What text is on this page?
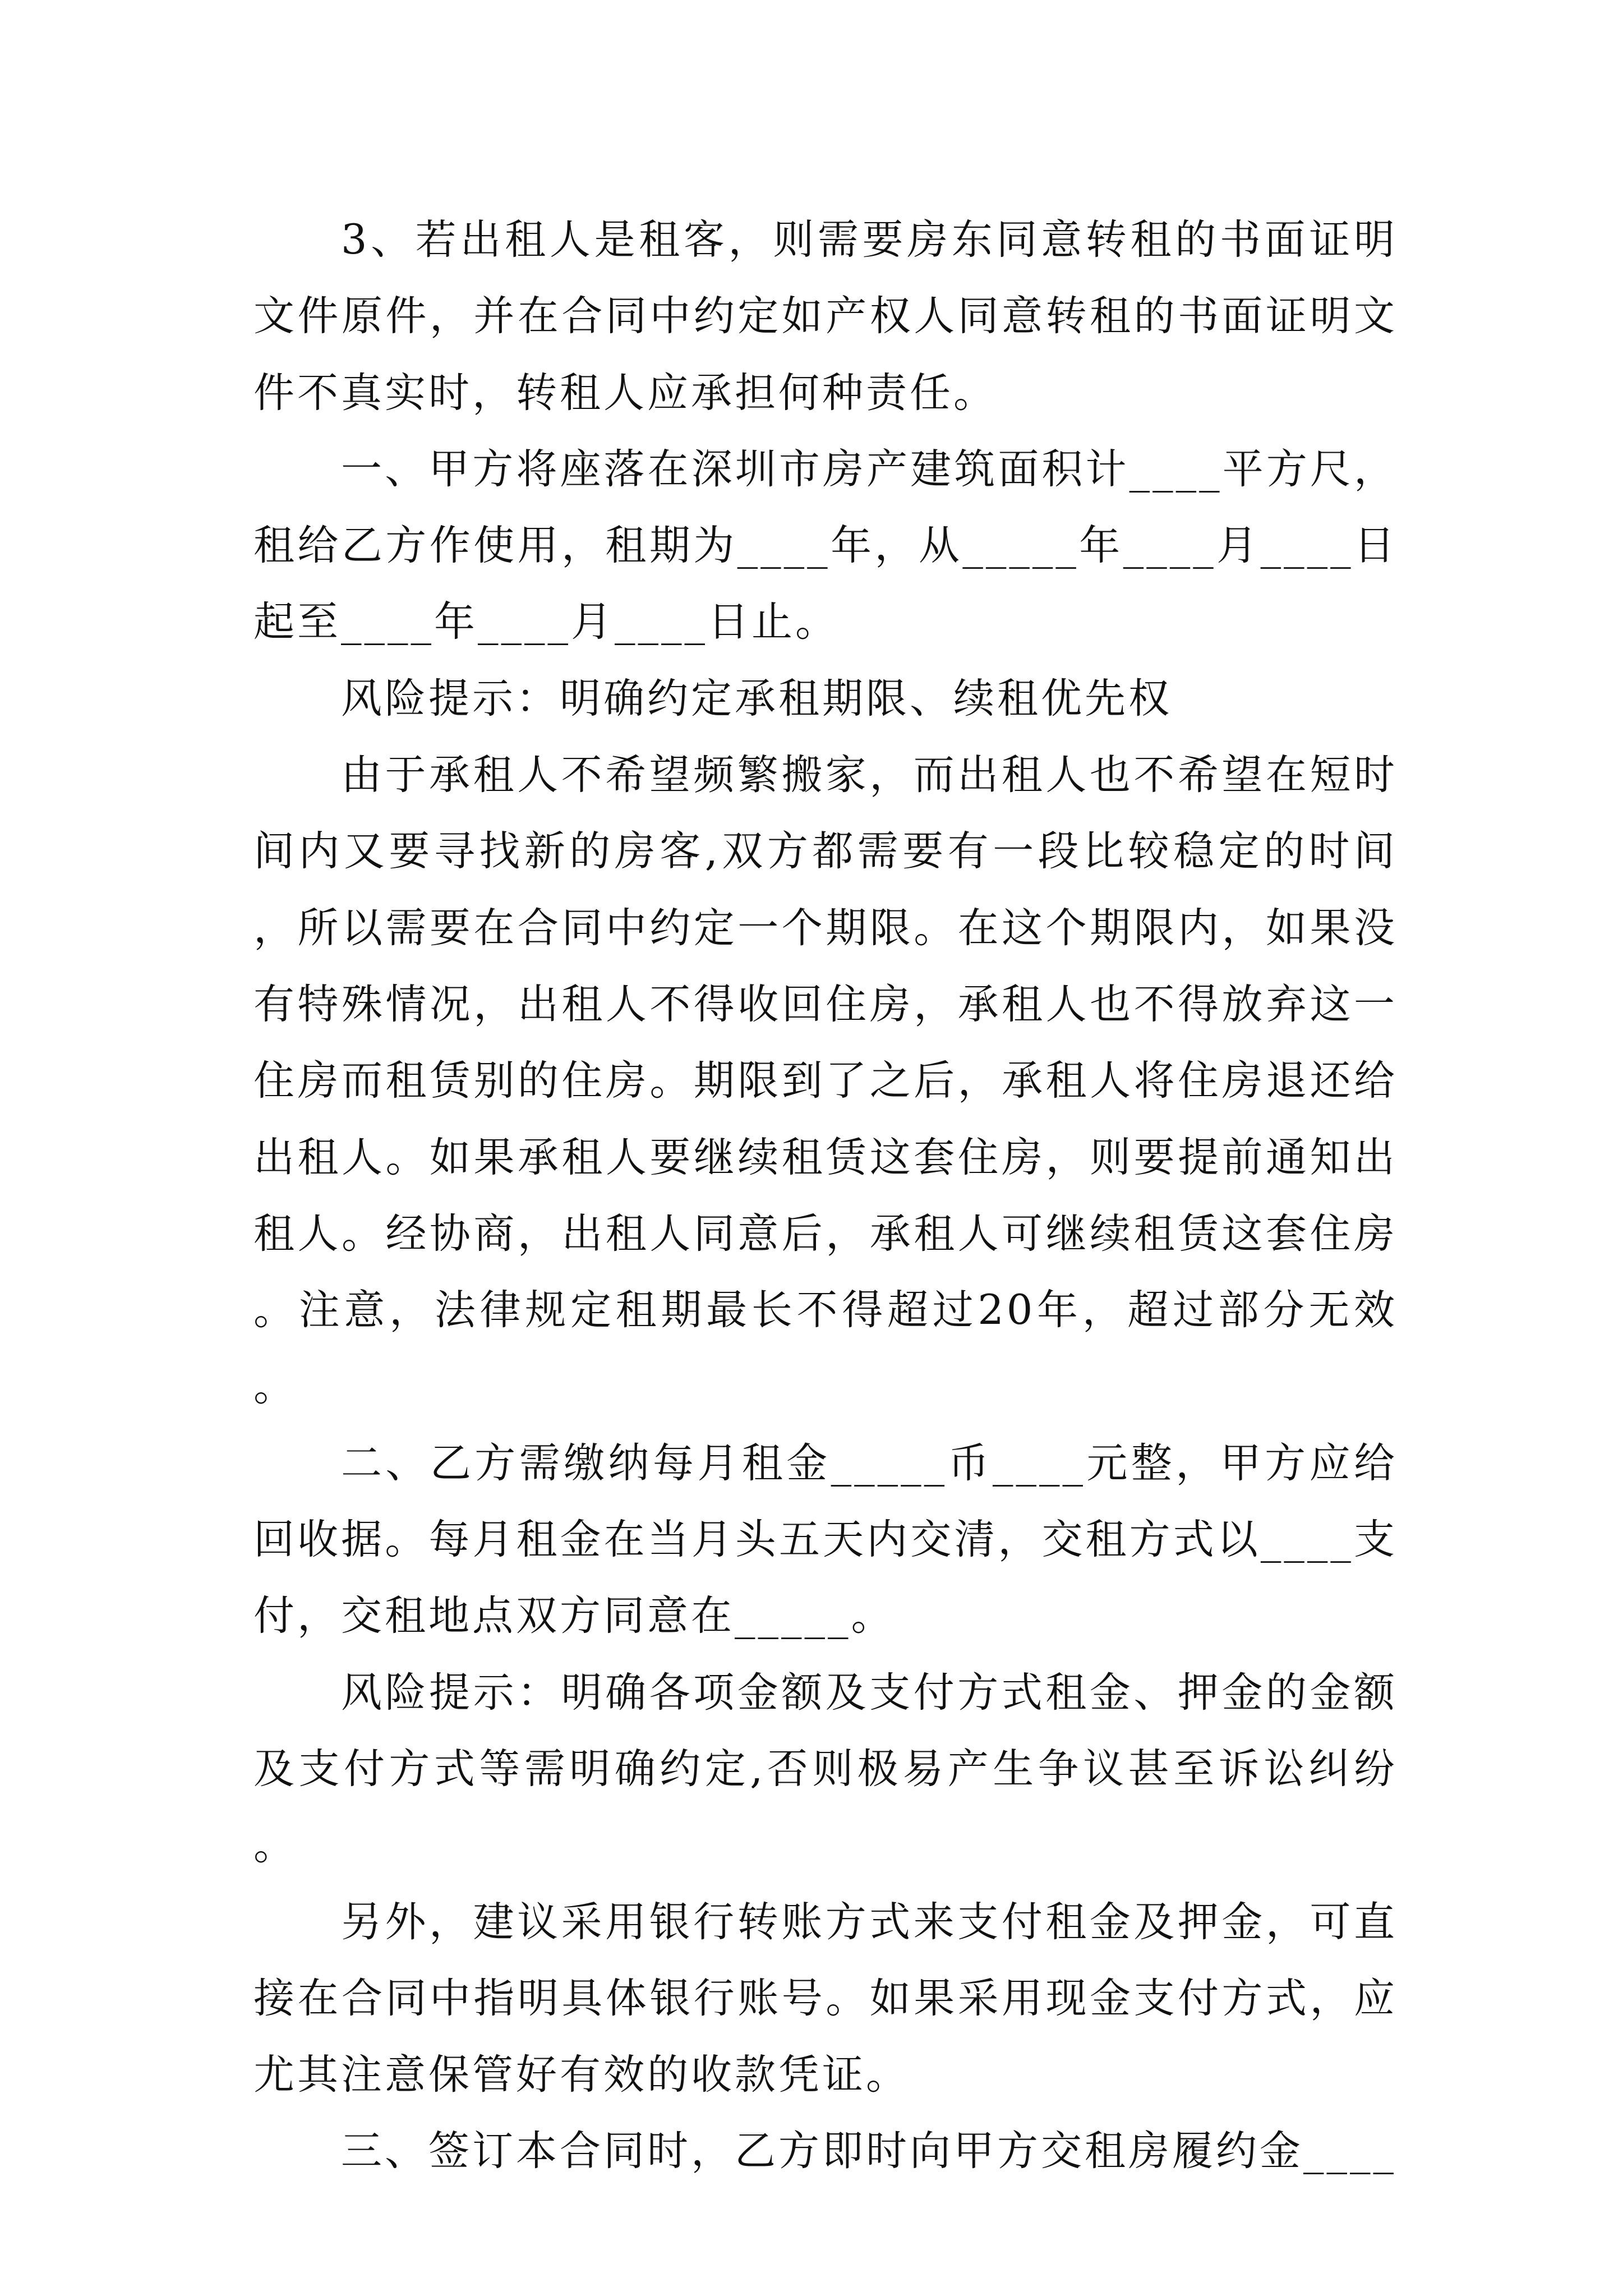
3、若出租人是租客，则需要房东同意转租的书面证明文件原件，并在合同中约定如产权人同意转租的书面证明文件不真实时，转租人应承担何种责任。

一、甲方将座落在深圳市房产建筑面积计____平方尺，租给乙方作使用，租期为____年，从_____年____月____日起至____年____月____日止。

风险提示：明确约定承租期限、续租优先权

由于承租人不希望频繁搬家，而出租人也不希望在短时间内又要寻找新的房客,双方都需要有一段比较稳定的时间，所以需要在合同中约定一个期限。在这个期限内，如果没有特殊情况，出租人不得收回住房，承租人也不得放弃这一住房而租赁别的住房。期限到了之后，承租人将住房退还给出租人。如果承租人要继续租赁这套住房，则要提前通知出租人。经协商，出租人同意后，承租人可继续租赁这套住房。注意，法律规定租期最长不得超过20年，超过部分无效。

二、乙方需缴纳每月租金_____币____元整，甲方应给回收据。每月租金在当月头五天内交清，交租方式以____支付，交租地点双方同意在_____。

风险提示：明确各项金额及支付方式租金、押金的金额及支付方式等需明确约定,否则极易产生争议甚至诉讼纠纷。

另外，建议采用银行转账方式来支付租金及押金，可直接在合同中指明具体银行账号。如果采用现金支付方式，应尤其注意保管好有效的收款凭证。

三、签订本合同时，乙方即时向甲方交租房履约金____
